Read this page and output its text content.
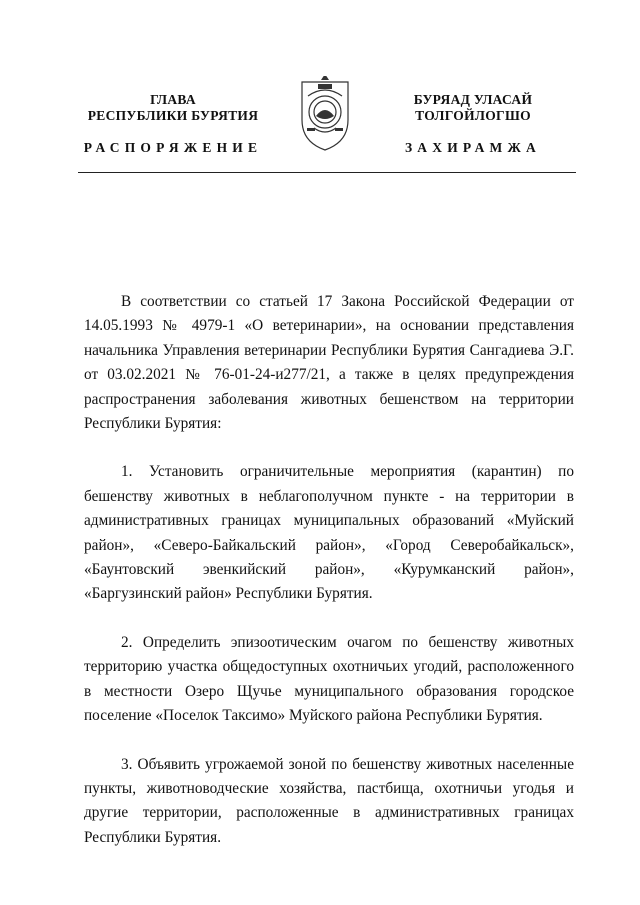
ГЛАВА
РЕСПУБЛИКИ БУРЯТИЯ
БУРЯАД УЛАСАЙ
ТОЛГОЙЛОГШО
РАСПОРЯЖЕНИЕ	ЗАХИРАМЖА

В соответствии со статьей 17 Закона Российской Федерации от 14.05.1993 № 4979-1 «О ветеринарии», на основании представления начальника Управления ветеринарии Республики Бурятия Сангадиева Э.Г. от 03.02.2021 № 76-01-24-и277/21, а также в целях предупреждения распространения заболевания животных бешенством на территории Республики Бурятия:

1. Установить ограничительные мероприятия (карантин) по бешенству животных в неблагополучном пункте - на территории в административных границах муниципальных образований «Муйский район», «Северо-Байкальский район», «Город Северобайкальск», «Баунтовский эвенкийский район», «Курумканский район», «Баргузинский район» Республики Бурятия.

2. Определить эпизоотическим очагом по бешенству животных территорию участка общедоступных охотничьих угодий, расположенного в местности Озеро Щучье муниципального образования городское поселение «Поселок Таксимо» Муйского района Республики Бурятия.

3. Объявить угрожаемой зоной по бешенству животных населенные пункты, животноводческие хозяйства, пастбища, охотничьи угодья и другие территории, расположенные в административных границах Республики Бурятия.
